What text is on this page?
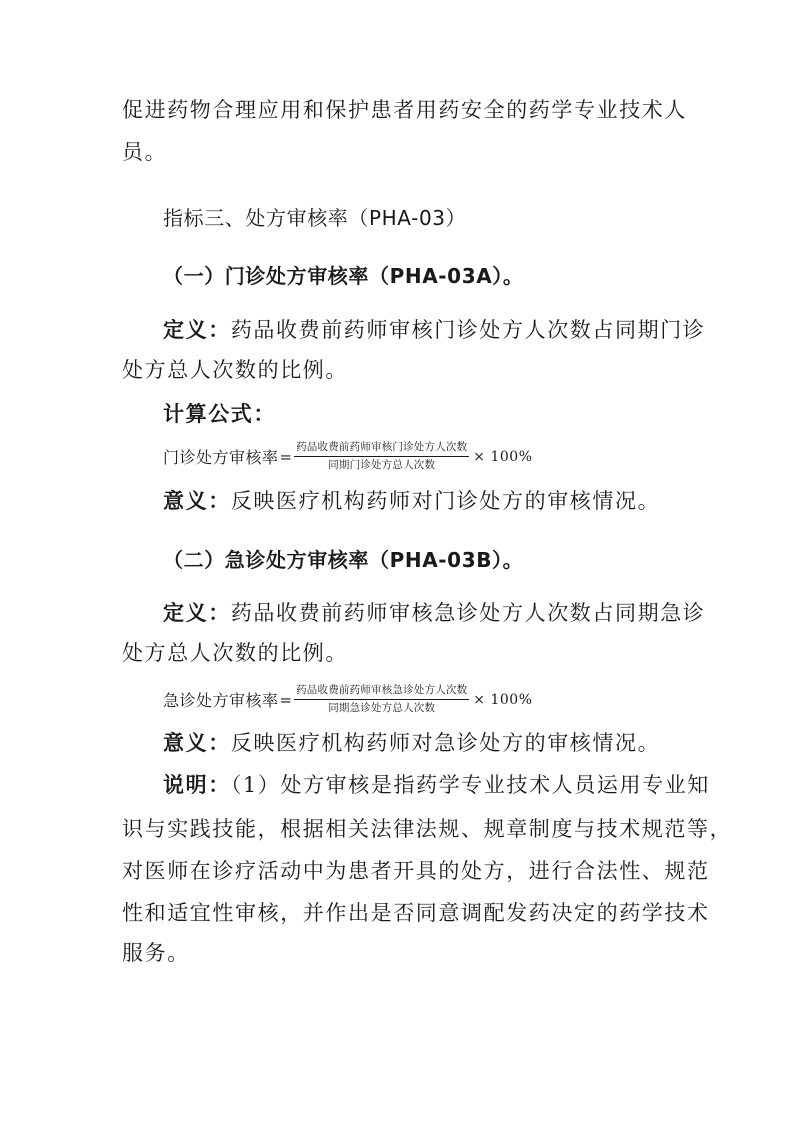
促进药物合理应用和保护患者用药安全的药学专业技术人
员。
指标三、处方审核率（PHA-03）
（一）门诊处方审核率（PHA-03A）。
定义：药品收费前药师审核门诊处方人次数占同期门诊
处方总人次数的比例。
计算公式：
门诊处方审核率 = $\frac{\text{药品收费前药师审核门诊处方人次数}}{\text{同期门诊处方总人次数}} \times 100\%$
意义：反映医疗机构药师对门诊处方的审核情况。
（二）急诊处方审核率（PHA-03B）。
定义：药品收费前药师审核急诊处方人次数占同期急诊
处方总人次数的比例。
急诊处方审核率 = $\frac{\text{药品收费前药师审核急诊处方人次数}}{\text{同期急诊处方总人次数}} \times 100\%$
意义：反映医疗机构药师对急诊处方的审核情况。
说明：（1）处方审核是指药学专业技术人员运用专业知
识与实践技能，根据相关法律法规、规章制度与技术规范等，
对医师在诊疗活动中为患者开具的处方，进行合法性、规范
性和适宜性审核，并作出是否同意调配发药决定的药学技术
服务。
